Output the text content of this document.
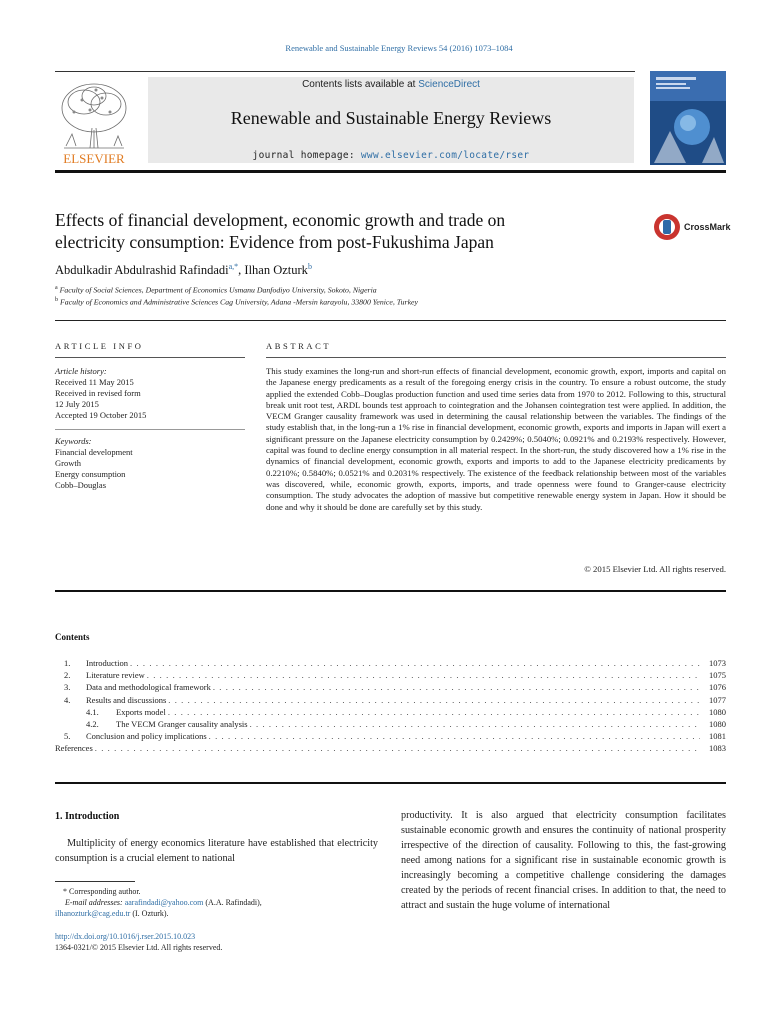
Renewable and Sustainable Energy Reviews 54 (2016) 1073–1084
ELSEVIER
Contents lists available at ScienceDirect
Renewable and Sustainable Energy Reviews
journal homepage: www.elsevier.com/locate/rser
Effects of financial development, economic growth and trade on
electricity consumption: Evidence from post-Fukushima Japan
CrossMark
Abdulkadir Abdulrashid Rafindadi$^{a,*}$, Ilhan Ozturk$^b$
$^a$ Faculty of Social Sciences, Department of Economics Usmanu Danfodiyo University, Sokoto, Nigeria
$^b$ Faculty of Economics and Administrative Sciences Cag University, Adana -Mersin karayolu, 33800 Yenice, Turkey
ARTICLE INFO	ABSTRACT
Article history:
Received 11 May 2015
Received in revised form
12 July 2015
Accepted 19 October 2015
Keywords:
Financial development
Growth
Energy consumption
Cobb–Douglas
This study examines the long-run and short-run effects of financial development, economic growth, export, imports and capital on the Japanese energy predicaments as a result of the foregoing energy crisis in the country. To ensure a robust outcome, the study applied the extended Cobb–Douglas production function and used time series data from 1970 to 2012. Following to this, structural break unit root test, ARDL bounds test approach to cointegration and the Johansen cointegration test were applied. In addition, the VECM Granger causality framework was used in determining the causal relationship between the variables. The findings of the study establish that, in the long-run a 1% rise in financial development, economic growth, exports and imports in Japan will exert a significant pressure on the Japanese electricity consumption by 0.2429%; 0.5040%; 0.0921% and 0.2193% respectively. However, capital was found to decline energy consumption in all material respect. In the short-run, the study discovered how a 1% rise in the dynamics of financial development, economic growth, exports and imports to add to the Japanese electricity predicaments by 0.2210%; 0.5840%; 0.0521% and 0.2031% respectively. The existence of the feedback relationship between most of the variables was discovered, while, economic growth, exports, imports, and trade openness were found to Granger-cause electricity consumption. The study advocates the adoption of massive but competitive renewable energy system in Japan. How it should be done and why it should be done are carefully set by this study.
© 2015 Elsevier Ltd. All rights reserved.
Contents
1.	Introduction . . .	1073
2.	Literature review . . .	1075
3.	Data and methodological framework . . .	1076
4.	Results and discussions . . .	1077
4.1.	Exports model . . .	1080
4.2.	The VECM Granger causality analysis . . .	1080
5.	Conclusion and policy implications . . .	1081
References . . .	1083
1. Introduction
Multiplicity of energy economics literature have established that electricity consumption is a crucial element to national
productivity. It is also argued that electricity consumption facilitates sustainable economic growth and ensures the continuity of national prosperity irrespective of the direction of causality. Following to this, the fast-growing need among nations for a significant rise in sustainable economic growth is increasingly becoming a competitive challenge considering the damages created by the periods of recent financial crises. In addition to that, the need to attract and sustain the huge volume of international
* Corresponding author.
E-mail addresses: aarafindadi@yahoo.com (A.A. Rafindadi),
ilhanozturk@cag.edu.tr (I. Ozturk).
http://dx.doi.org/10.1016/j.rser.2015.10.023
1364-0321/© 2015 Elsevier Ltd. All rights reserved.
